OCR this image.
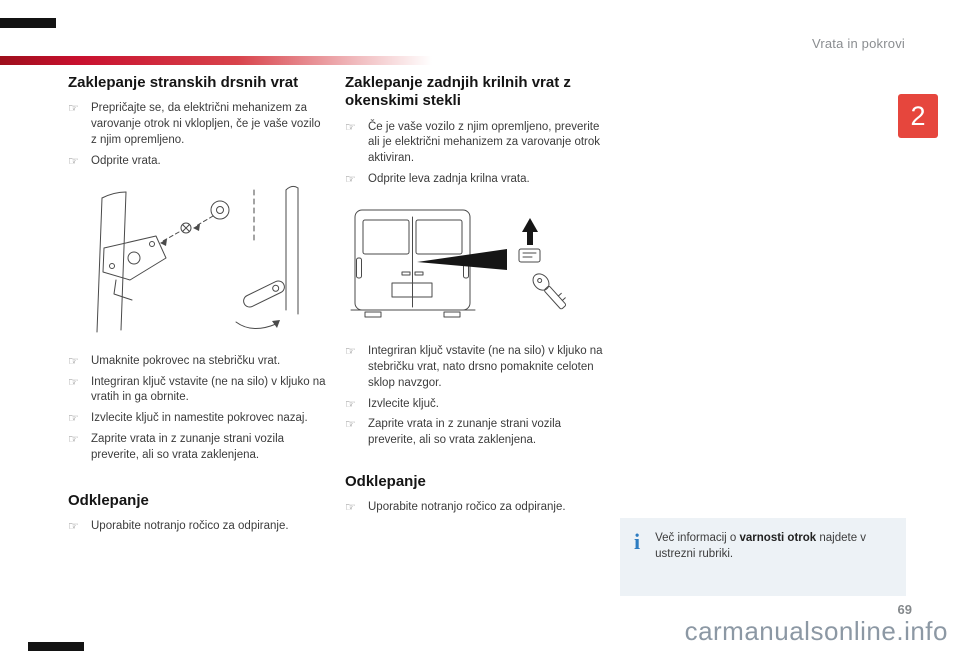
Vrata in pokrovi
2
Zaklepanje stranskih drsnih vrat
☞	Prepričajte se, da električni mehanizem za varovanje otrok ni vklopljen, če je vaše vozilo z njim opremljeno.
☞	Odprite vrata.
☞	Umaknite pokrovec na stebričku vrat.
☞	Integriran ključ vstavite (ne na silo) v kljuko na vratih in ga obrnite.
☞	Izvlecite ključ in namestite pokrovec nazaj.
☞	Zaprite vrata in z zunanje strani vozila preverite, ali so vrata zaklenjena.
Odklepanje
☞	Uporabite notranjo ročico za odpiranje.
Zaklepanje zadnjih krilnih vrat z okenskimi stekli
☞	Če je vaše vozilo z njim opremljeno, preverite ali je električni mehanizem za varovanje otrok aktiviran.
☞	Odprite leva zadnja krilna vrata.
☞	Integriran ključ vstavite (ne na silo) v kljuko na stebričku vrat, nato drsno pomaknite celoten sklop navzgor.
☞	Izvlecite ključ.
☞	Zaprite vrata in z zunanje strani vozila preverite, ali so vrata zaklenjena.
Odklepanje
☞	Uporabite notranjo ročico za odpiranje.
i	Več informacij o varnosti otrok najdete v ustrezni rubriki.

69
carmanualsonline.info
